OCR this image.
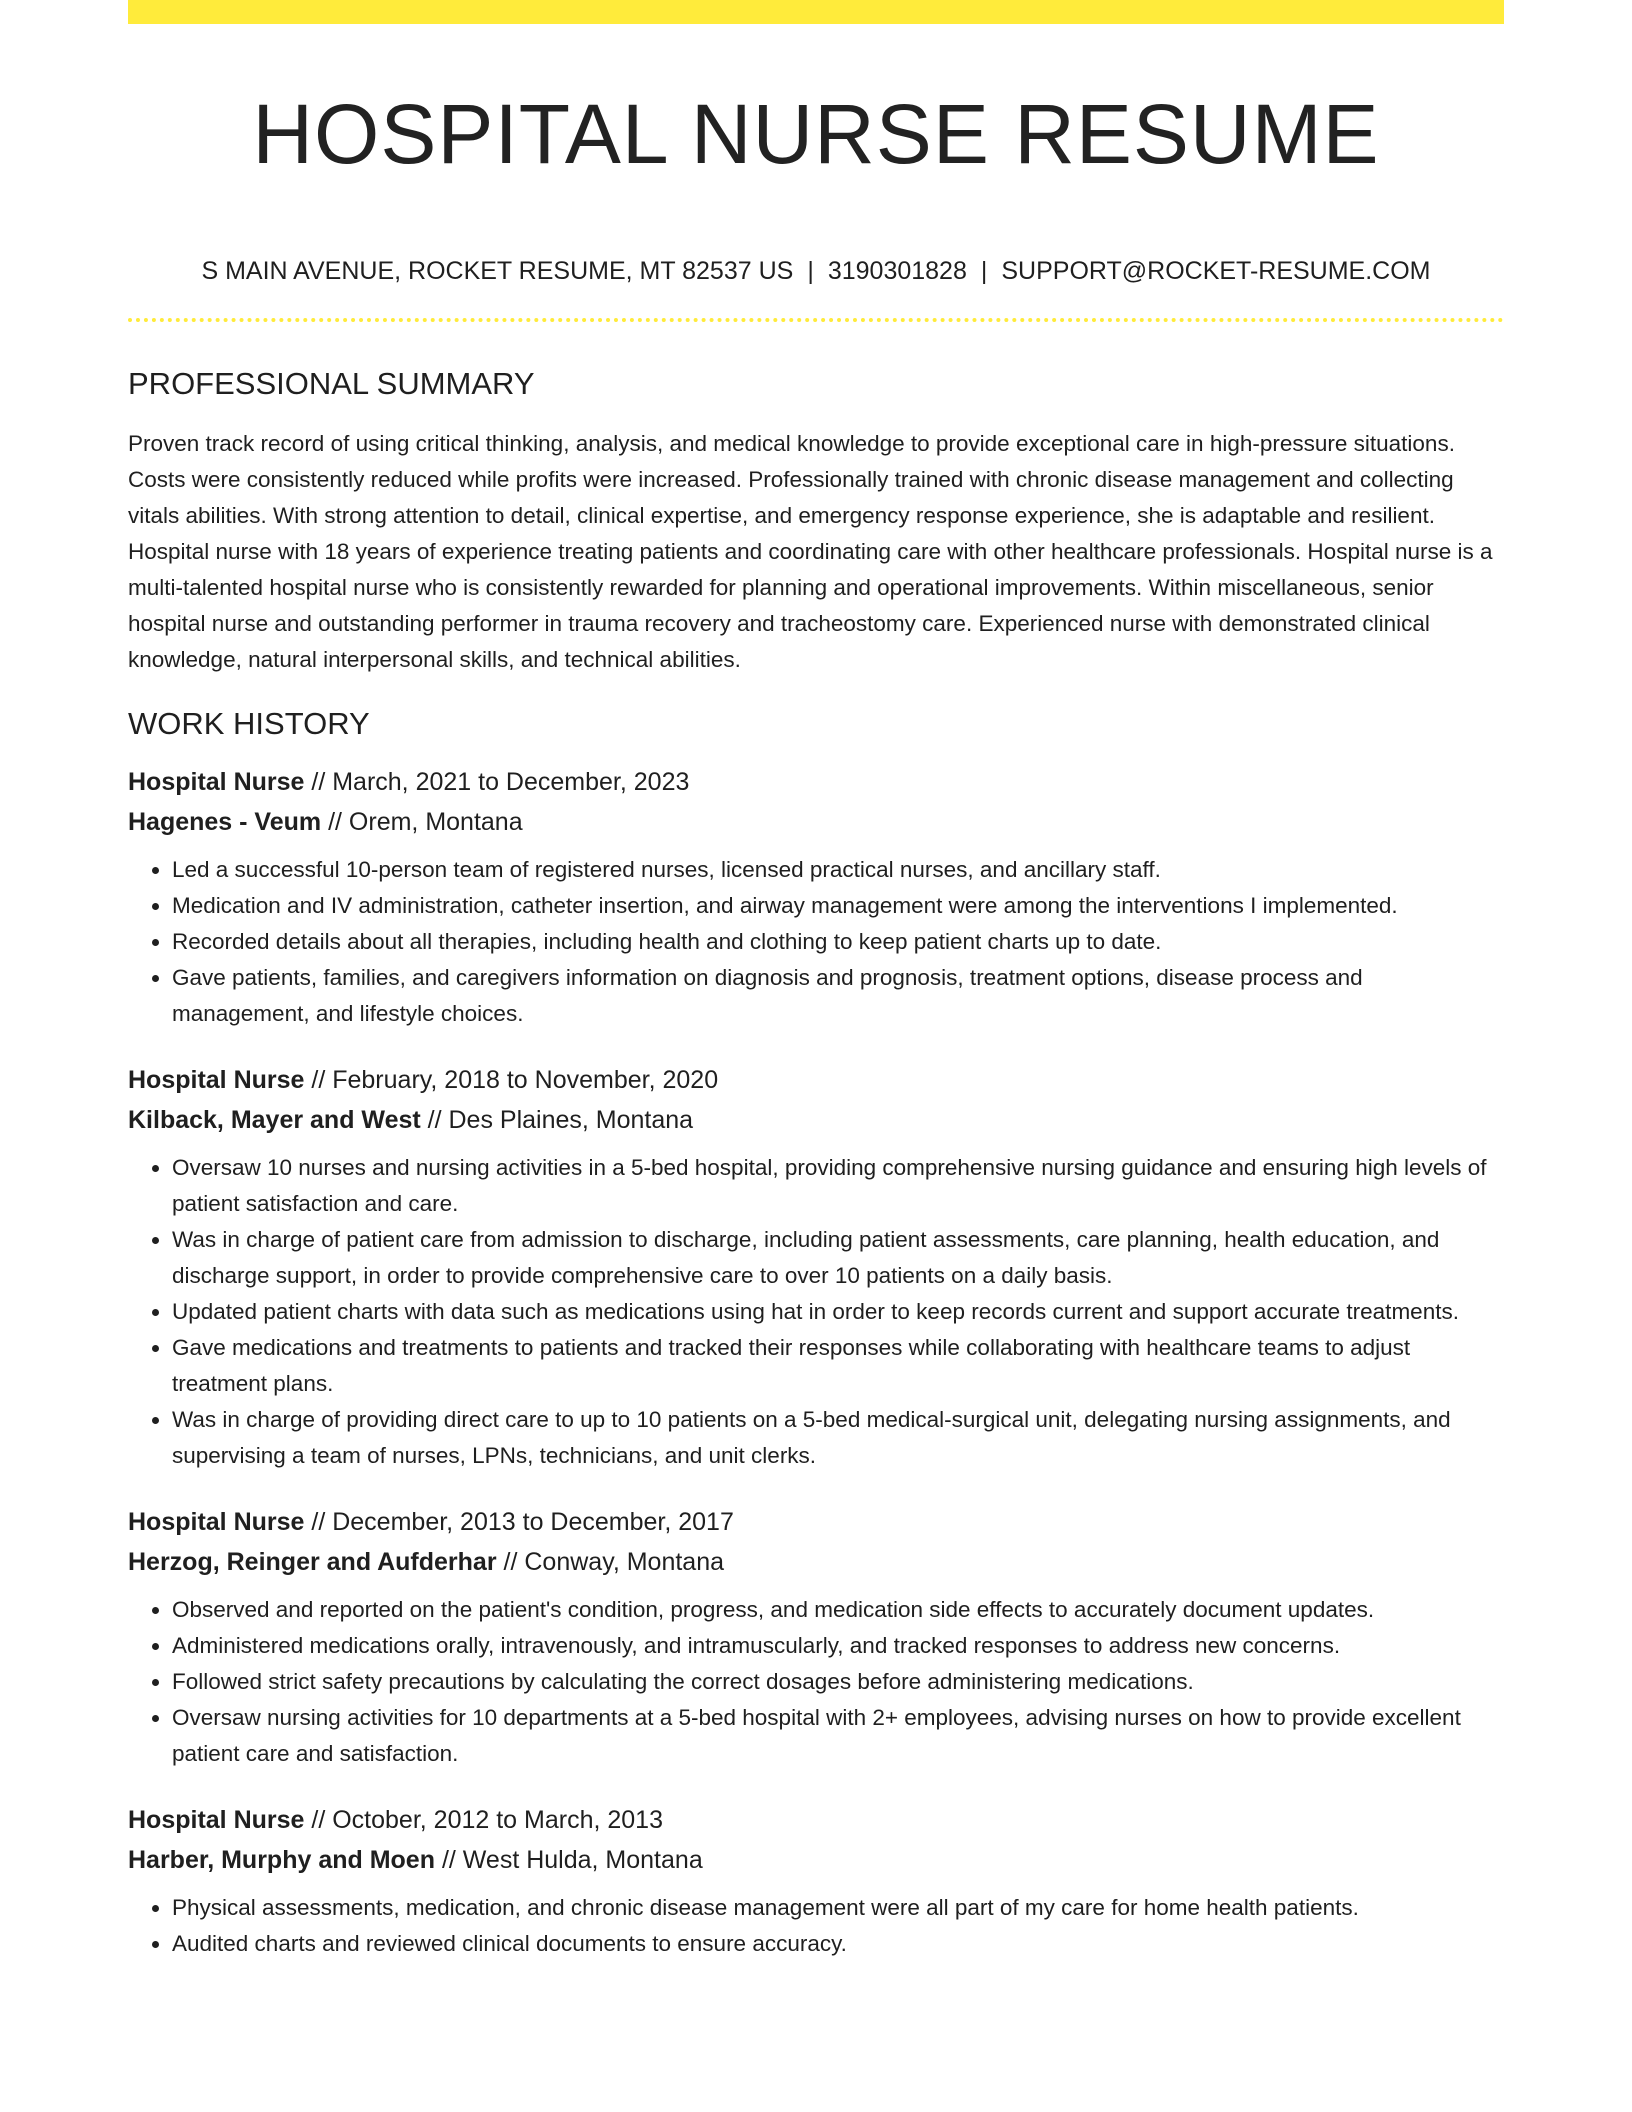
HOSPITAL NURSE RESUME
S MAIN AVENUE, ROCKET RESUME, MT 82537 US | 3190301828 | SUPPORT@ROCKET-RESUME.COM
PROFESSIONAL SUMMARY

Proven track record of using critical thinking, analysis, and medical knowledge to provide exceptional care in high-pressure situations. Costs were consistently reduced while profits were increased. Professionally trained with chronic disease management and collecting vitals abilities. With strong attention to detail, clinical expertise, and emergency response experience, she is adaptable and resilient. Hospital nurse with 18 years of experience treating patients and coordinating care with other healthcare professionals. Hospital nurse is a multi-talented hospital nurse who is consistently rewarded for planning and operational improvements. Within miscellaneous, senior hospital nurse and outstanding performer in trauma recovery and tracheostomy care. Experienced nurse with demonstrated clinical knowledge, natural interpersonal skills, and technical abilities.

WORK HISTORY
Hospital Nurse // March, 2021 to December, 2023
Hagenes - Veum // Orem, Montana
• Led a successful 10-person team of registered nurses, licensed practical nurses, and ancillary staff.
• Medication and IV administration, catheter insertion, and airway management were among the interventions I implemented.
• Recorded details about all therapies, including health and clothing to keep patient charts up to date.
• Gave patients, families, and caregivers information on diagnosis and prognosis, treatment options, disease process and management, and lifestyle choices.
Hospital Nurse // February, 2018 to November, 2020
Kilback, Mayer and West // Des Plaines, Montana
• Oversaw 10 nurses and nursing activities in a 5-bed hospital, providing comprehensive nursing guidance and ensuring high levels of patient satisfaction and care.
• Was in charge of patient care from admission to discharge, including patient assessments, care planning, health education, and discharge support, in order to provide comprehensive care to over 10 patients on a daily basis.
• Updated patient charts with data such as medications using hat in order to keep records current and support accurate treatments.
• Gave medications and treatments to patients and tracked their responses while collaborating with healthcare teams to adjust treatment plans.
• Was in charge of providing direct care to up to 10 patients on a 5-bed medical-surgical unit, delegating nursing assignments, and supervising a team of nurses, LPNs, technicians, and unit clerks.
Hospital Nurse // December, 2013 to December, 2017
Herzog, Reinger and Aufderhar // Conway, Montana
• Observed and reported on the patient's condition, progress, and medication side effects to accurately document updates.
• Administered medications orally, intravenously, and intramuscularly, and tracked responses to address new concerns.
• Followed strict safety precautions by calculating the correct dosages before administering medications.
• Oversaw nursing activities for 10 departments at a 5-bed hospital with 2+ employees, advising nurses on how to provide excellent patient care and satisfaction.
Hospital Nurse // October, 2012 to March, 2013
Harber, Murphy and Moen // West Hulda, Montana
• Physical assessments, medication, and chronic disease management were all part of my care for home health patients.
• Audited charts and reviewed clinical documents to ensure accuracy.
